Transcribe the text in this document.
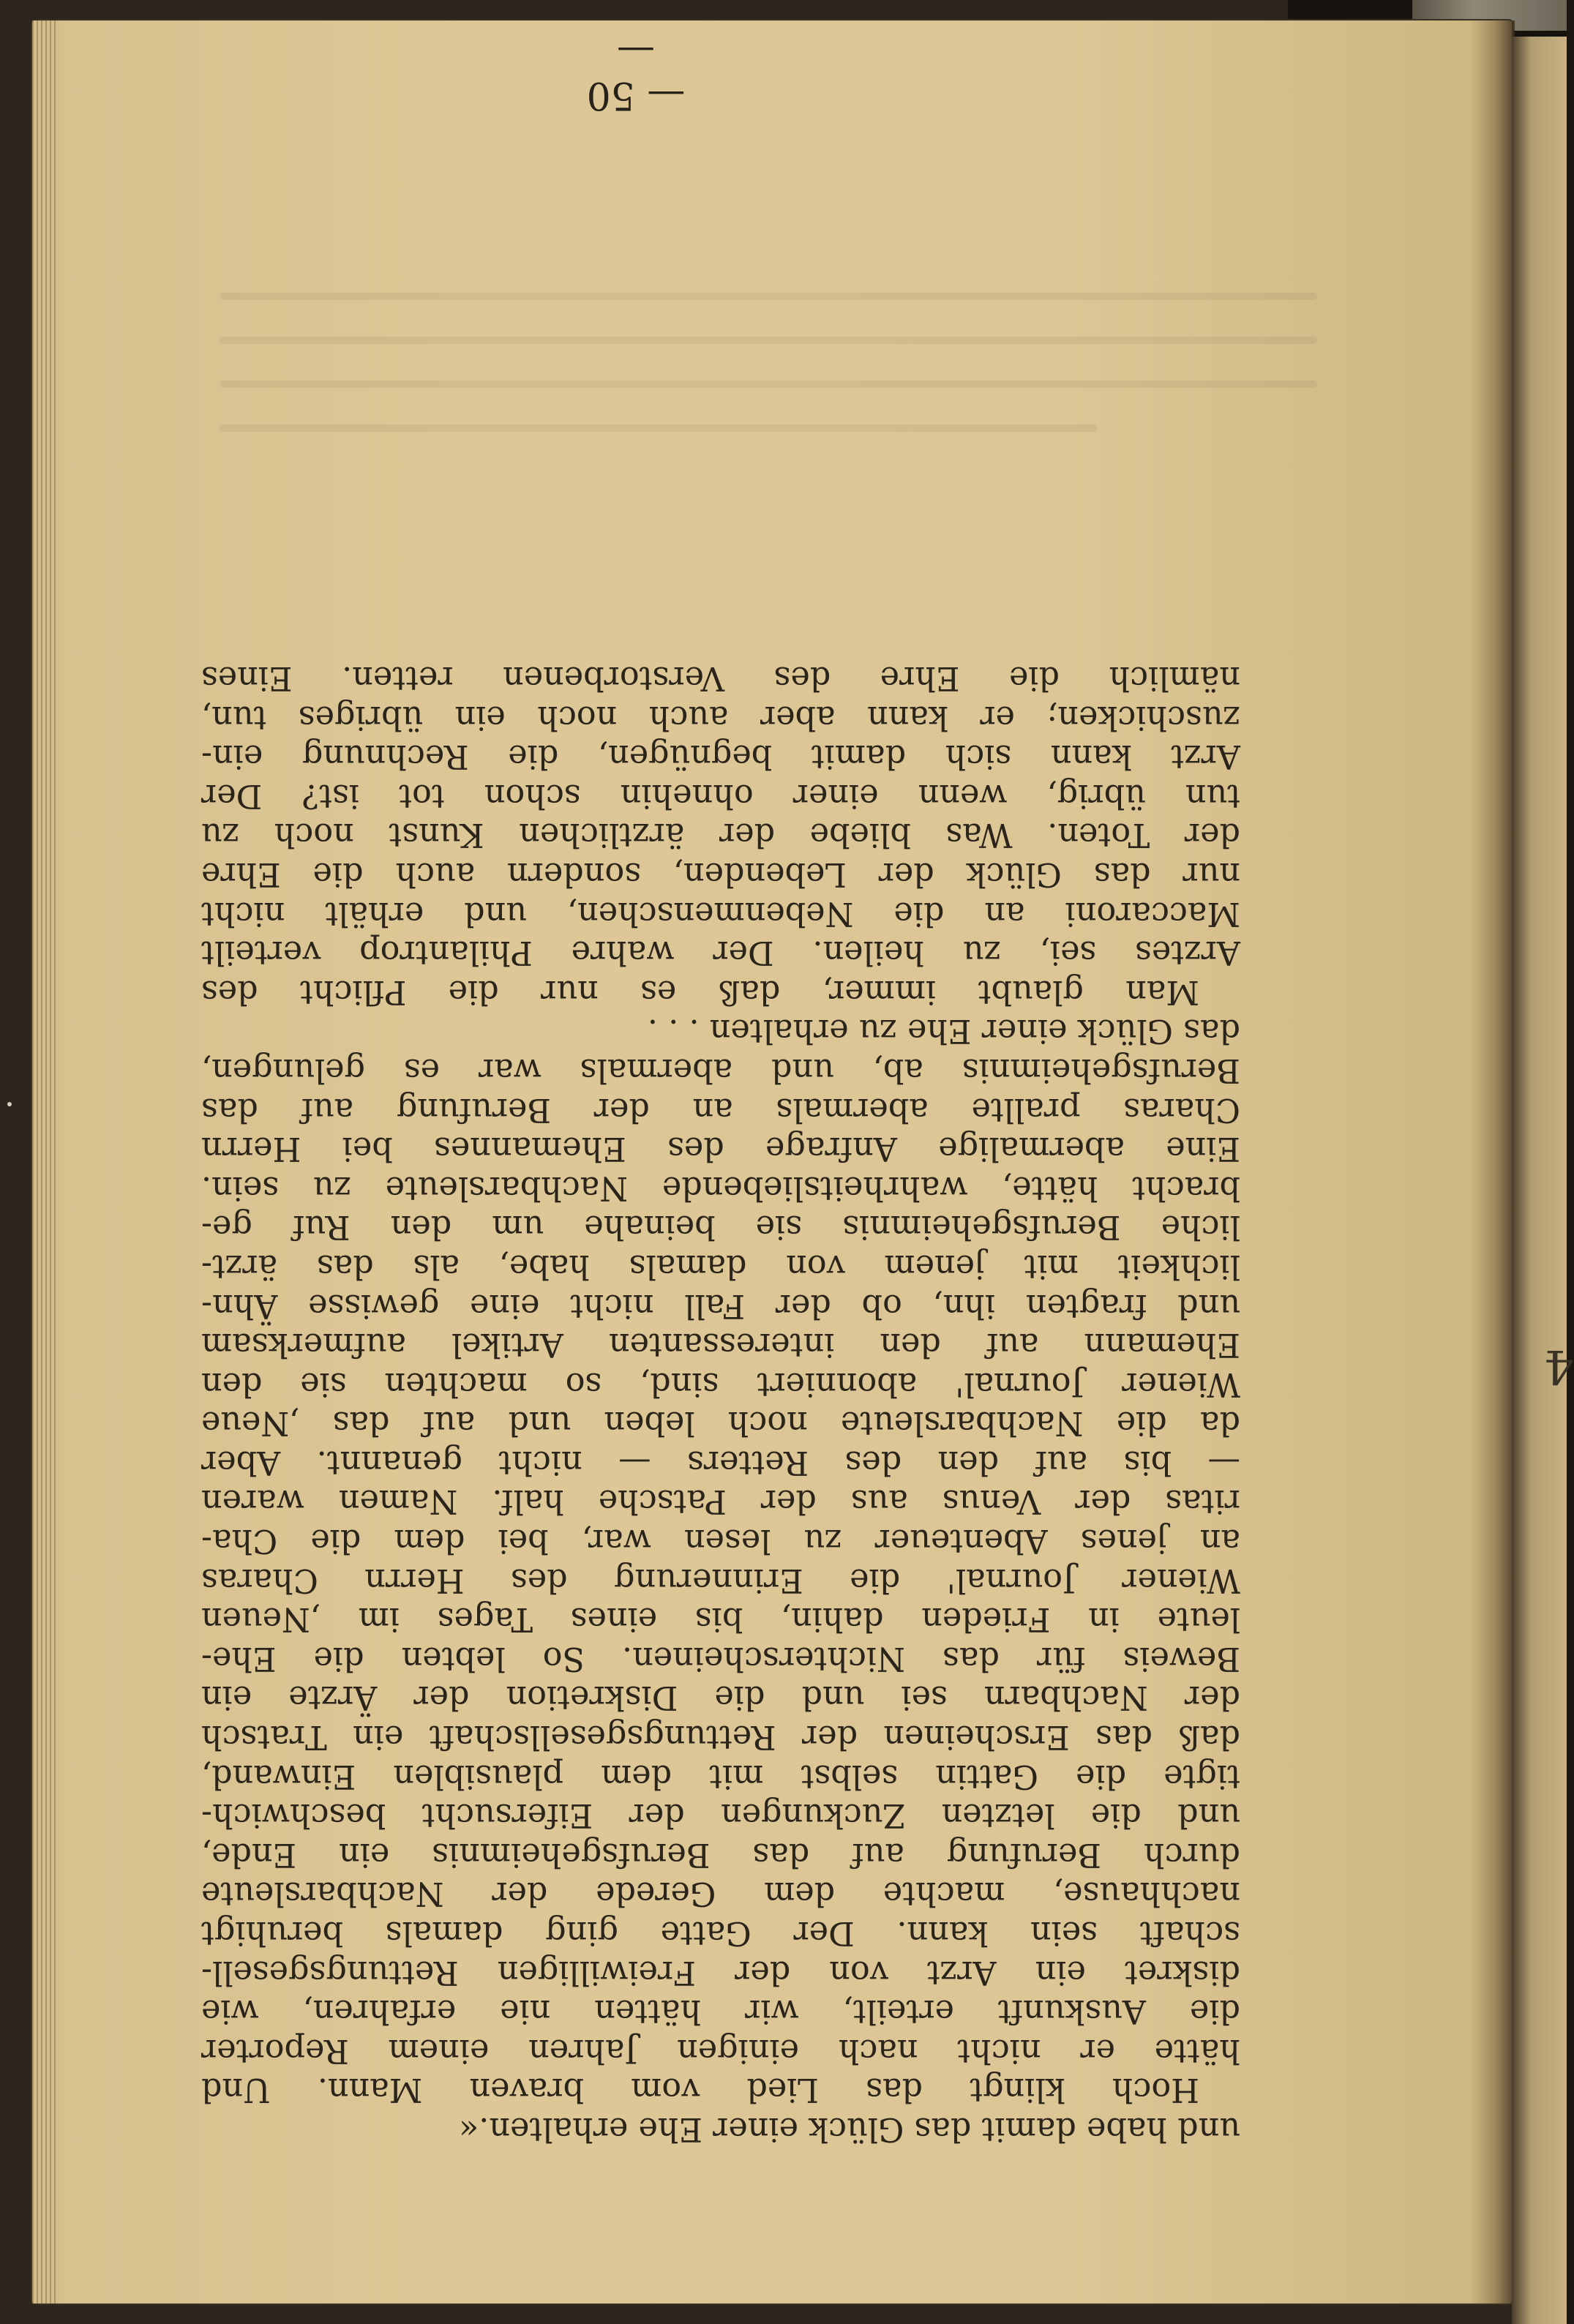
4
— 50 —
und habe damit das Glück einer Ehe erhalten.«
Hoch klingt das Lied vom braven Mann. Und
hätte er nicht nach einigen Jahren einem Reporter
die Auskunft erteilt, wir hätten nie erfahren, wie
diskret ein Arzt von der Freiwilligen Rettungsgesell-
schaft sein kann. Der Gatte ging damals beruhigt
nachhause, machte dem Gerede der Nachbarsleute
durch Berufung auf das Berufsgeheimnis ein Ende,
und die letzten Zuckungen der Eifersucht beschwich-
tigte die Gattin selbst mit dem plausiblen Einwand,
daß das Erscheinen der Rettungsgesellschaft ein Tratsch
der Nachbarn sei und die Diskretion der Ärzte ein
Beweis für das Nichterscheinen. So lebten die Ehe-
leute in Frieden dahin, bis eines Tages im ‚Neuen
Wiener Journal' die Erinnerung des Herrn Charas
an jenes Abenteuer zu lesen war, bei dem die Cha-
ritas der Venus aus der Patsche half. Namen waren
— bis auf den des Retters — nicht genannt. Aber
da die Nachbarsleute noch leben und auf das ‚Neue
Wiener Journal' abonniert sind, so machten sie den
Ehemann auf den interessanten Artikel aufmerksam
und fragten ihn, ob der Fall nicht eine gewisse Ähn-
lichkeit mit jenem von damals habe, als das ärzt-
liche Berufsgeheimnis sie beinahe um den Ruf ge-
bracht hätte, wahrheitsliebende Nachbarsleute zu sein.
Eine abermalige Anfrage des Ehemannes bei Herrn
Charas prallte abermals an der Berufung auf das
Berufsgeheimnis ab, und abermals war es gelungen,
das Glück einer Ehe zu erhalten . . .
Man glaubt immer, daß es nur die Pflicht des
Arztes sei, zu heilen. Der wahre Philantrop verteilt
Maccaroni an die Nebenmenschen, und erhält nicht
nur das Glück der Lebenden, sondern auch die Ehre
der Toten. Was bliebe der ärztlichen Kunst noch zu
tun übrig, wenn einer ohnehin schon tot ist? Der
Arzt kann sich damit begnügen, die Rechnung ein-
zuschicken; er kann aber auch noch ein übriges tun,
nämlich die Ehre des Verstorbenen retten. Eines
